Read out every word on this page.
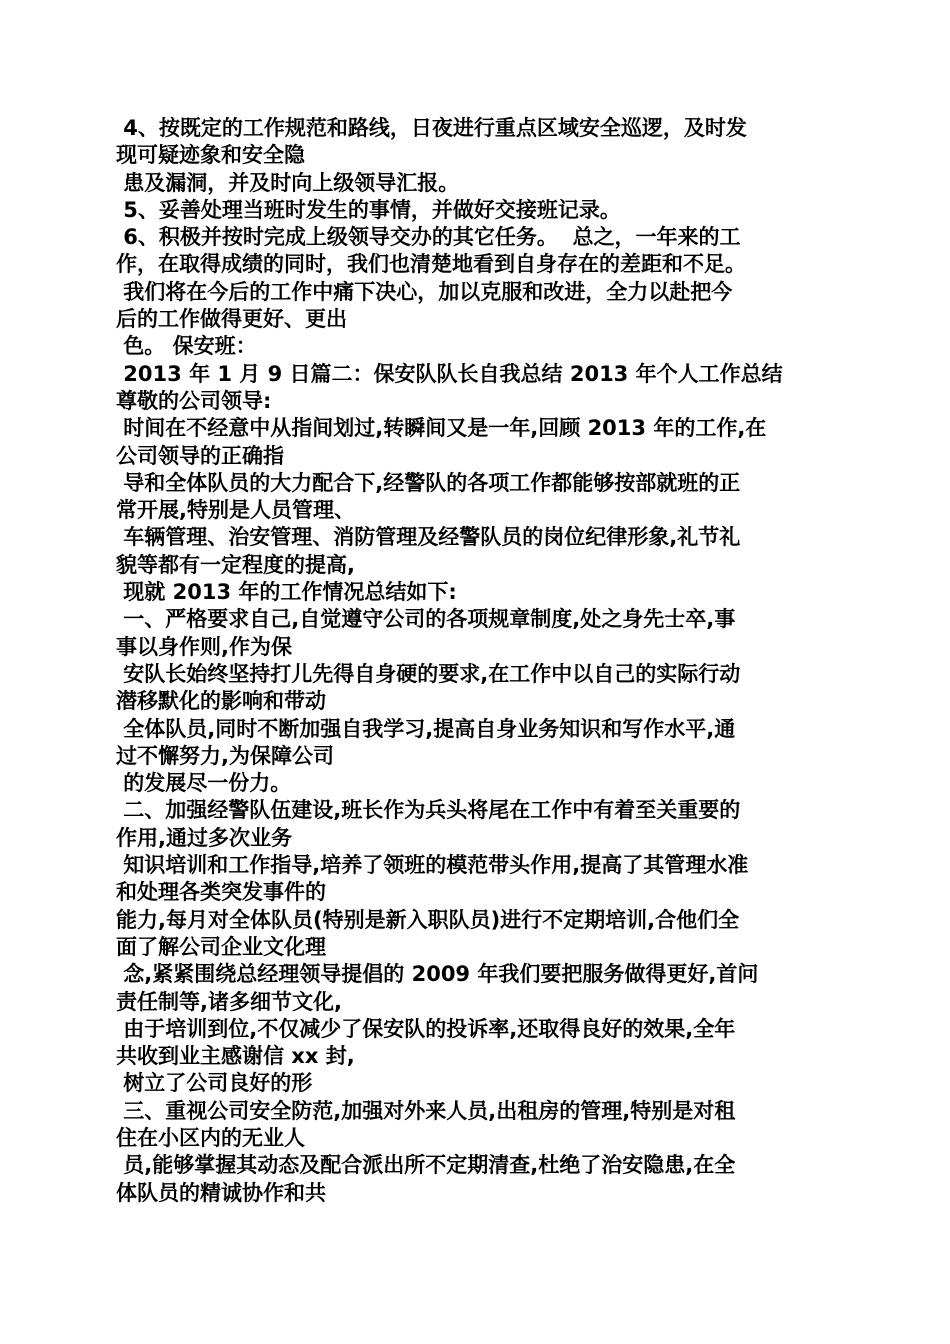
4、按既定的工作规范和路线，日夜进行重点区域安全巡逻，及时发
现可疑迹象和安全隐
患及漏洞，并及时向上级领导汇报。
5、妥善处理当班时发生的事情，并做好交接班记录。
6、积极并按时完成上级领导交办的其它任务。  总之，一年来的工
作，在取得成绩的同时，我们也清楚地看到自身存在的差距和不足。
我们将在今后的工作中痛下决心，加以克服和改进，全力以赴把今
后的工作做得更好、更出
色。 保安班：
2013 年 1 月 9 日篇二：保安队队长自我总结 2013 年个人工作总结
尊敬的公司领导:
时间在不经意中从指间划过,转瞬间又是一年,回顾 2013 年的工作,在
公司领导的正确指
导和全体队员的大力配合下,经警队的各项工作都能够按部就班的正
常开展,特别是人员管理、
车辆管理、治安管理、消防管理及经警队员的岗位纪律形象,礼节礼
貌等都有一定程度的提高,
现就 2013 年的工作情况总结如下:
一、严格要求自己,自觉遵守公司的各项规章制度,处之身先士卒,事
事以身作则,作为保
安队长始终坚持打儿先得自身硬的要求,在工作中以自己的实际行动
潜移默化的影响和带动
全体队员,同时不断加强自我学习,提高自身业务知识和写作水平,通
过不懈努力,为保障公司
的发展尽一份力。
二、加强经警队伍建设,班长作为兵头将尾在工作中有着至关重要的
作用,通过多次业务
知识培训和工作指导,培养了领班的模范带头作用,提高了其管理水准
和处理各类突发事件的
能力,每月对全体队员(特别是新入职队员)进行不定期培训,合他们全
面了解公司企业文化理
念,紧紧围绕总经理领导提倡的 2009 年我们要把服务做得更好,首问
责任制等,诸多细节文化,
由于培训到位,不仅减少了保安队的投诉率,还取得良好的效果,全年
共收到业主感谢信 xx 封,
树立了公司良好的形
三、重视公司安全防范,加强对外来人员,出租房的管理,特别是对租
住在小区内的无业人
员,能够掌握其动态及配合派出所不定期清查,杜绝了治安隐患,在全
体队员的精诚协作和共
